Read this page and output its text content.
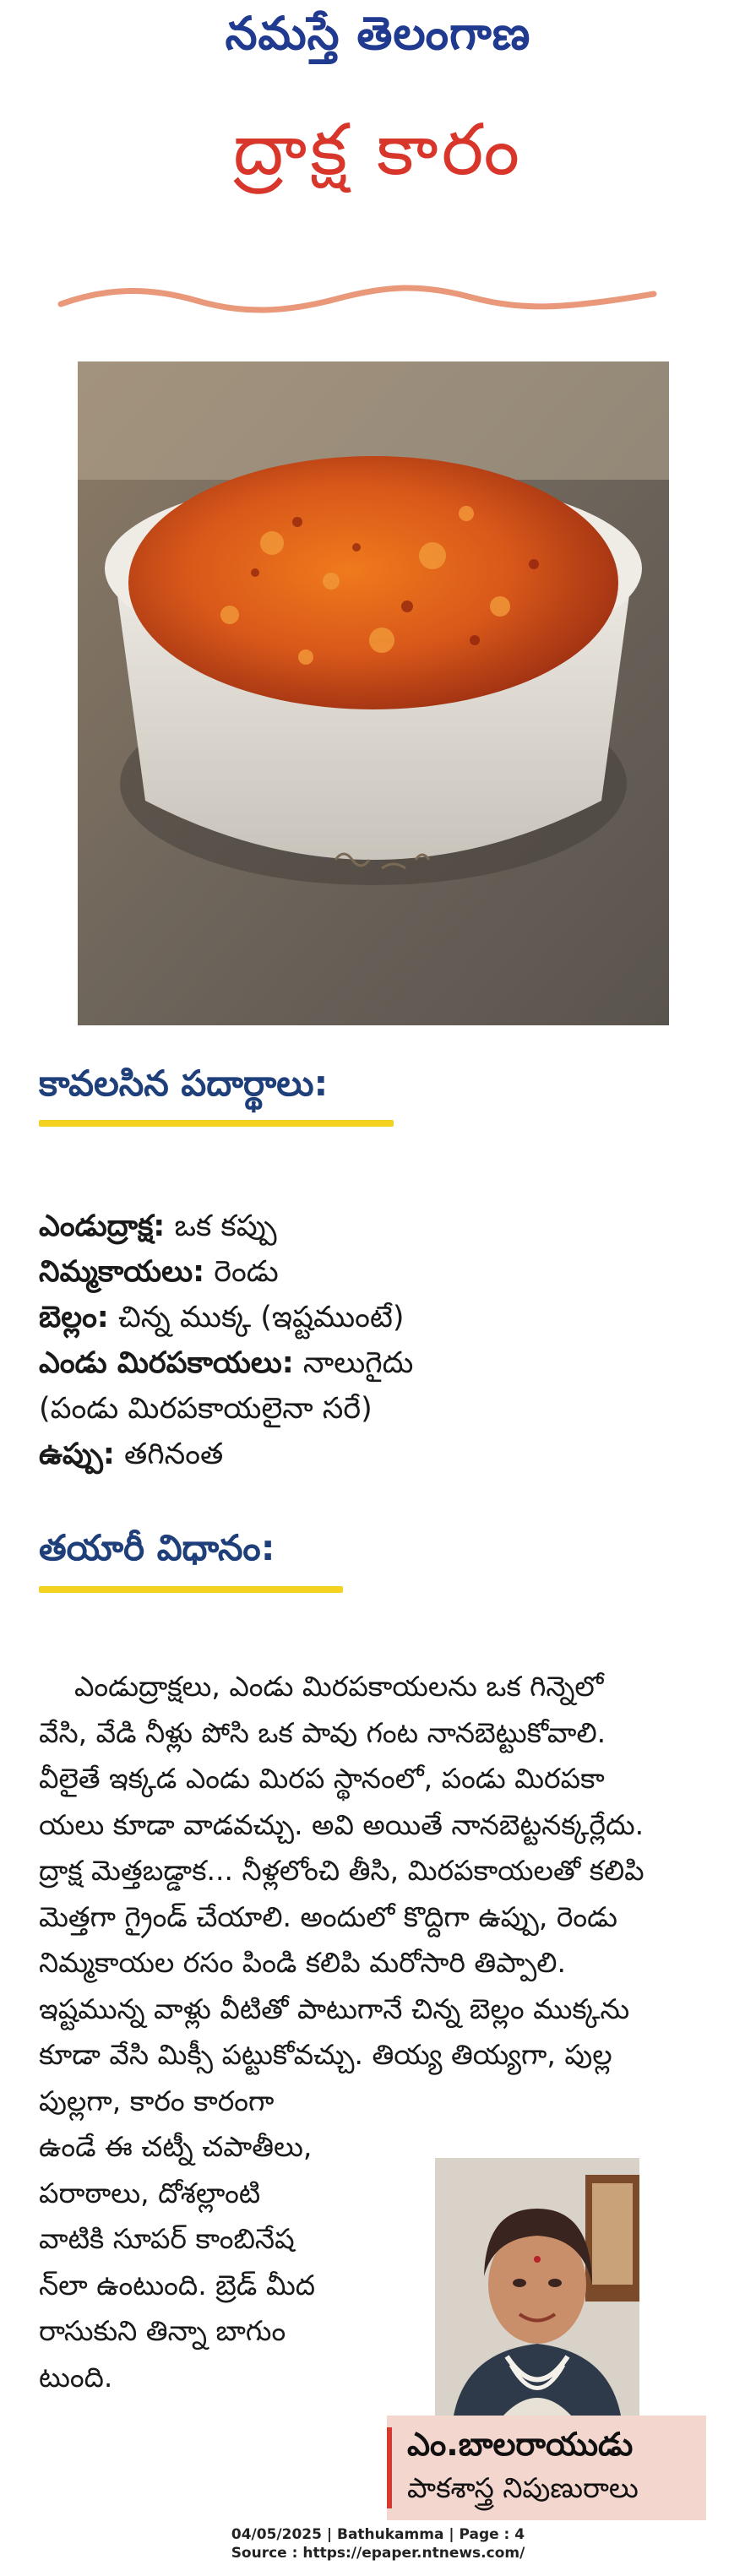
నమస్తే తెలంగాణ
ద్రాక్ష కారం
కావలసిన పదార్థాలు:
ఎండుద్రాక్ష: ఒక కప్పు
నిమ్మకాయలు: రెండు
బెల్లం: చిన్న ముక్క (ఇష్టముంటే)
ఎండు మిరపకాయలు: నాలుగైదు
(పండు మిరపకాయలైనా సరే)
ఉప్పు: తగినంత
తయారీ విధానం:
ఎండుద్రాక్షలు, ఎండు మిరపకాయలను ఒక గిన్నెలో
వేసి, వేడి నీళ్లు పోసి ఒక పావు గంట నానబెట్టుకోవాలి.
వీలైతే ఇక్కడ ఎండు మిరప స్థానంలో, పండు మిరపకా
యలు కూడా వాడవచ్చు. అవి అయితే నానబెట్టనక్కర్లేదు.
ద్రాక్ష మెత్తబడ్డాక... నీళ్లలోంచి తీసి, మిరపకాయలతో కలిపి
మెత్తగా గ్రైండ్ చేయాలి. అందులో కొద్దిగా ఉప్పు, రెండు
నిమ్మకాయల రసం పిండి కలిపి మరోసారి తిప్పాలి.
ఇష్టమున్న వాళ్లు వీటితో పాటుగానే చిన్న బెల్లం ముక్కను
కూడా వేసి మిక్సీ పట్టుకోవచ్చు. తియ్య తియ్యగా, పుల్ల
పుల్లగా, కారం కారంగా
ఉండే ఈ చట్నీ చపాతీలు,
పరాఠాలు, దోశల్లాంటి
వాటికి సూపర్ కాంబినేష
న్‌లా ఉంటుంది. బ్రెడ్ మీద
రాసుకుని తిన్నా బాగుం
టుంది.
ఎం.బాలరాయుడు
పాకశాస్త్ర నిపుణురాలు
04/05/2025 | Bathukamma | Page : 4
Source : https://epaper.ntnews.com/
